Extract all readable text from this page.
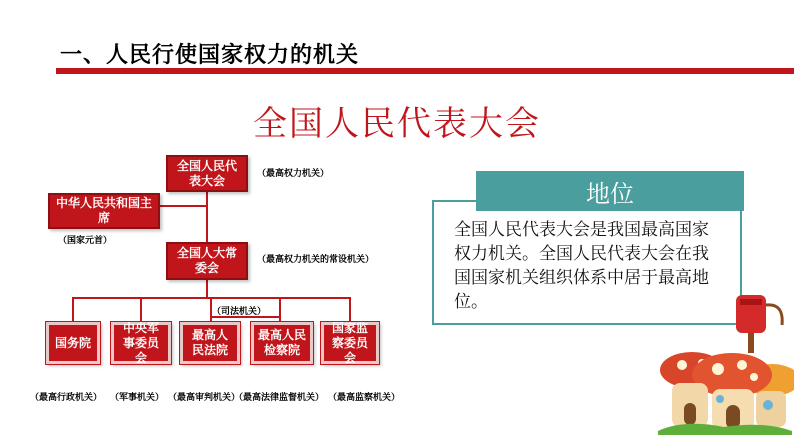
一、人民行使国家权力的机关
全国人民代表大会
全国人民代表大会	（最高权力机关）
中华人民共和国主席
（国家元首）
全国人大常委会
（最高权力机关的常设机关）
（司法机关）
国务院
中央军事委员会
最高人民法院
最高人民检察院
国家监察委员会
（最高行政机关） （军事机关） （最高审判机关）
（最高法律监督机关） （最高监察机关）
地位
全国人民代表大会是我国最高国家权力机关。全国人民代表大会在我国国家机关组织体系中居于最高地位。
